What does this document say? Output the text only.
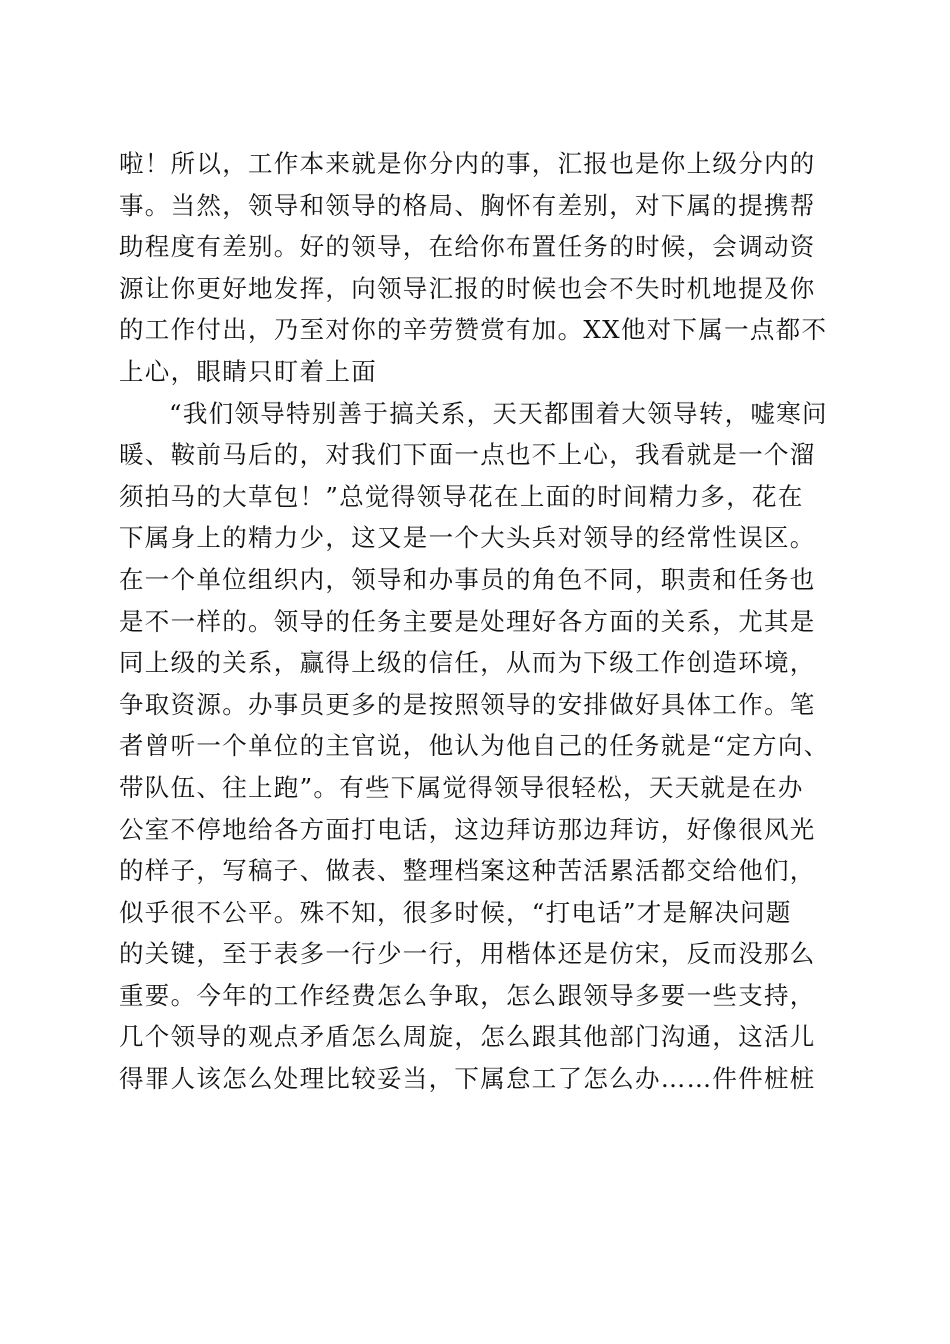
啦！所以，工作本来就是你分内的事，汇报也是你上级分内的
事。当然，领导和领导的格局、胸怀有差别，对下属的提携帮
助程度有差别。好的领导，在给你布置任务的时候，会调动资
源让你更好地发挥，向领导汇报的时候也会不失时机地提及你
的工作付出，乃至对你的辛劳赞赏有加。XX他对下属一点都不
上心，眼睛只盯着上面
“我们领导特别善于搞关系，天天都围着大领导转，嘘寒问
暖、鞍前马后的，对我们下面一点也不上心，我看就是一个溜
须拍马的大草包！”总觉得领导花在上面的时间精力多，花在
下属身上的精力少，这又是一个大头兵对领导的经常性误区。
在一个单位组织内，领导和办事员的角色不同，职责和任务也
是不一样的。领导的任务主要是处理好各方面的关系，尤其是
同上级的关系，赢得上级的信任，从而为下级工作创造环境，
争取资源。办事员更多的是按照领导的安排做好具体工作。笔
者曾听一个单位的主官说，他认为他自己的任务就是“定方向、
带队伍、往上跑”。有些下属觉得领导很轻松，天天就是在办
公室不停地给各方面打电话，这边拜访那边拜访，好像很风光
的样子，写稿子、做表、整理档案这种苦活累活都交给他们，
似乎很不公平。殊不知，很多时候，“打电话”才是解决问题
的关键，至于表多一行少一行，用楷体还是仿宋，反而没那么
重要。今年的工作经费怎么争取，怎么跟领导多要一些支持，
几个领导的观点矛盾怎么周旋，怎么跟其他部门沟通，这活儿
得罪人该怎么处理比较妥当，下属怠工了怎么办……件件桩桩
